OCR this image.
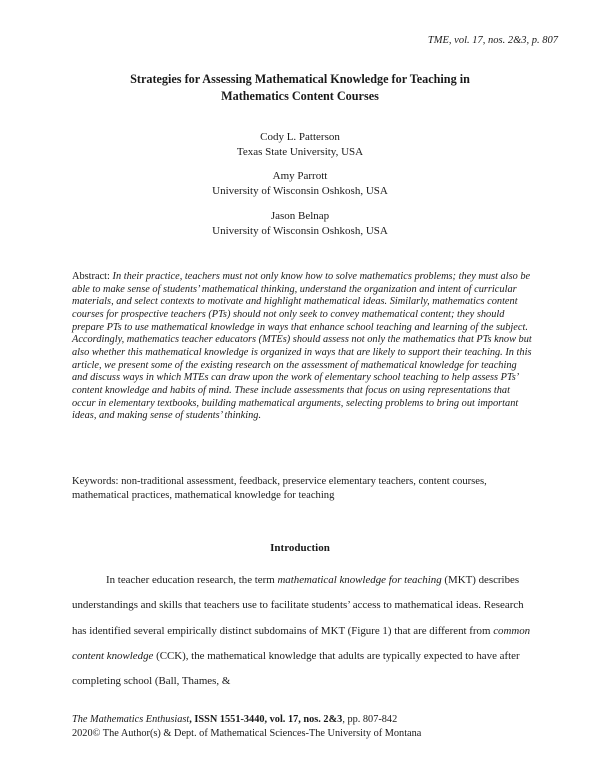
TME, vol. 17, nos. 2&3, p. 807
Strategies for Assessing Mathematical Knowledge for Teaching in
Mathematics Content Courses
Cody L. Patterson
Texas State University, USA
Amy Parrott
University of Wisconsin Oshkosh, USA
Jason Belnap
University of Wisconsin Oshkosh, USA
Abstract: In their practice, teachers must not only know how to solve mathematics problems; they must also be able to make sense of students’ mathematical thinking, understand the organization and intent of curricular materials, and select contexts to motivate and highlight mathematical ideas. Similarly, mathematics content courses for prospective teachers (PTs) should not only seek to convey mathematical content; they should prepare PTs to use mathematical knowledge in ways that enhance school teaching and learning of the subject. Accordingly, mathematics teacher educators (MTEs) should assess not only the mathematics that PTs know but also whether this mathematical knowledge is organized in ways that are likely to support their teaching. In this article, we present some of the existing research on the assessment of mathematical knowledge for teaching and discuss ways in which MTEs can draw upon the work of elementary school teaching to help assess PTs’ content knowledge and habits of mind. These include assessments that focus on using representations that occur in elementary textbooks, building mathematical arguments, selecting problems to bring out important ideas, and making sense of students’ thinking.
Keywords: non-traditional assessment, feedback, preservice elementary teachers, content courses, mathematical practices, mathematical knowledge for teaching
Introduction
In teacher education research, the term mathematical knowledge for teaching (MKT) describes understandings and skills that teachers use to facilitate students’ access to mathematical ideas. Research has identified several empirically distinct subdomains of MKT (Figure 1) that are different from common content knowledge (CCK), the mathematical knowledge that adults are typically expected to have after completing school (Ball, Thames, &
The Mathematics Enthusiast, ISSN 1551-3440, vol. 17, nos. 2&3, pp. 807-842
2020© The Author(s) & Dept. of Mathematical Sciences-The University of Montana
